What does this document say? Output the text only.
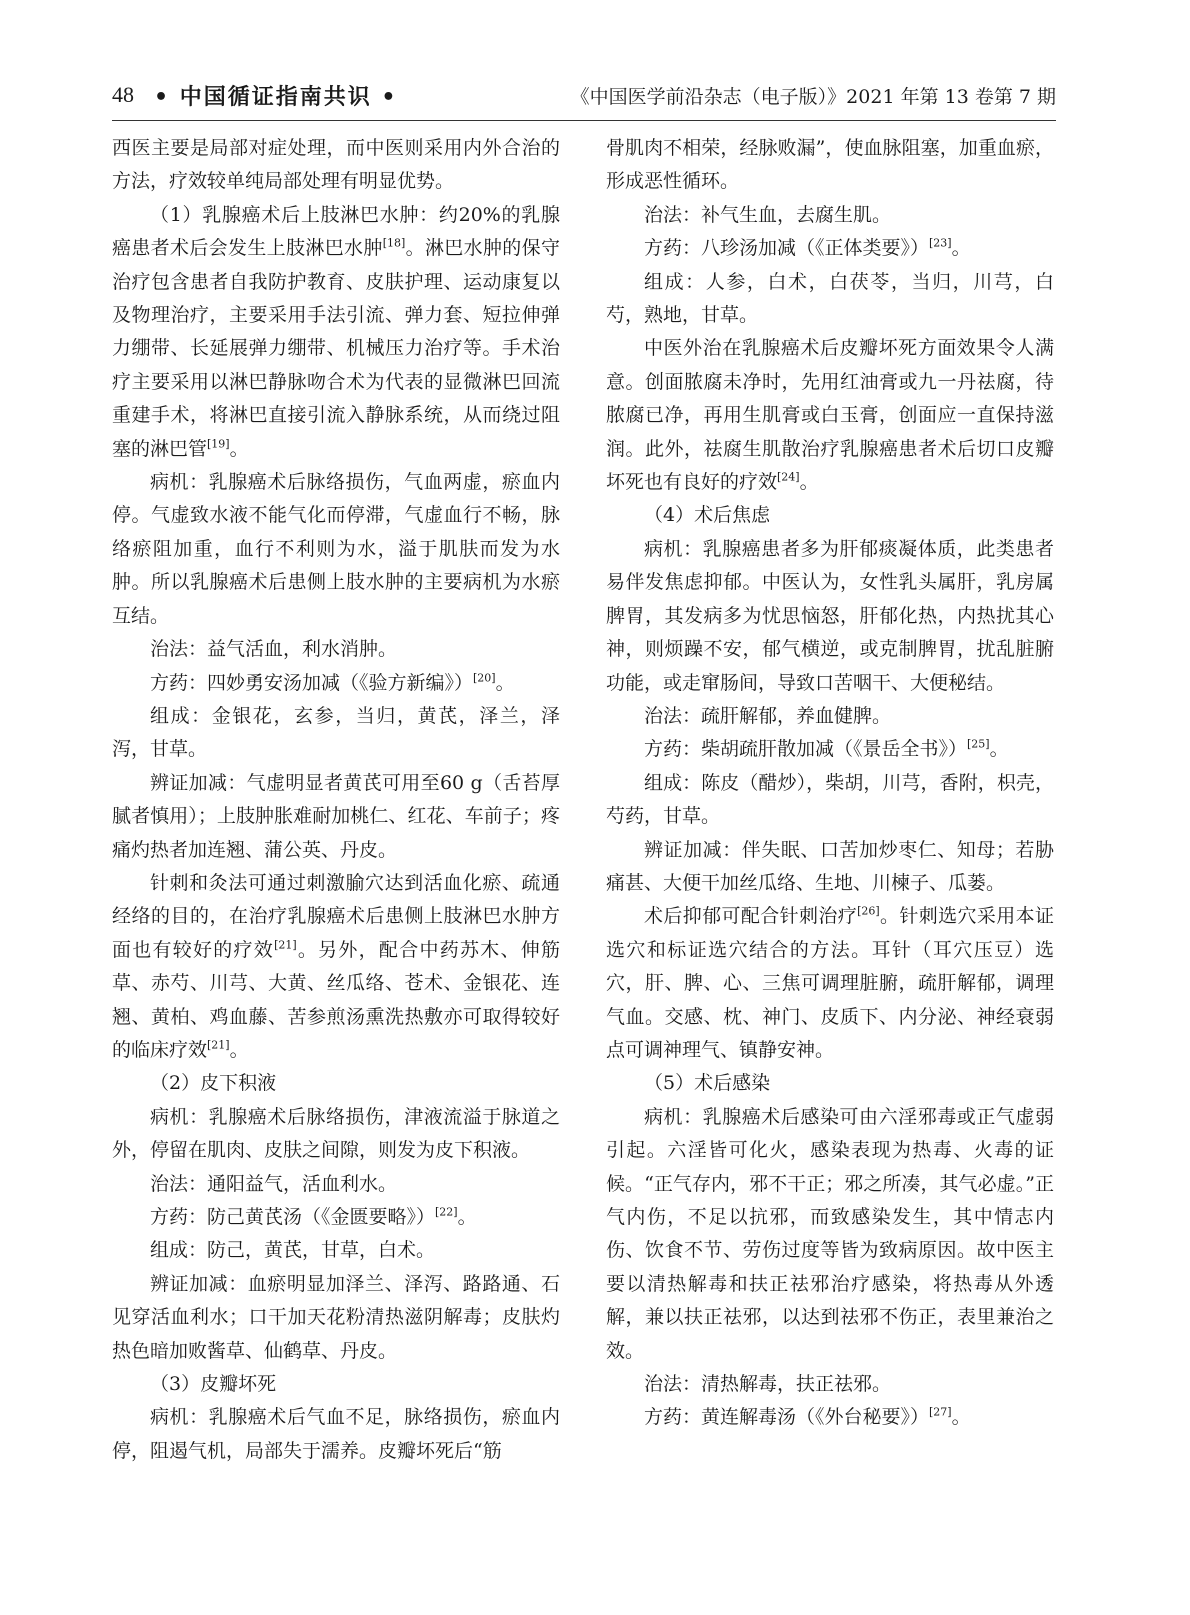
48 • 中国循证指南共识 •	《中国医学前沿杂志（电子版）》2021 年第 13 卷第 7 期

西医主要是局部对症处理，而中医则采用内外合治的方法，疗效较单纯局部处理有明显优势。

（1）乳腺癌术后上肢淋巴水肿：约20%的乳腺癌患者术后会发生上肢淋巴水肿[18]。淋巴水肿的保守治疗包含患者自我防护教育、皮肤护理、运动康复以及物理治疗，主要采用手法引流、弹力套、短拉伸弹力绷带、长延展弹力绷带、机械压力治疗等。手术治疗主要采用以淋巴静脉吻合术为代表的显微淋巴回流重建手术，将淋巴直接引流入静脉系统，从而绕过阻塞的淋巴管[19]。

病机：乳腺癌术后脉络损伤，气血两虚，瘀血内停。气虚致水液不能气化而停滞，气虚血行不畅，脉络瘀阻加重，血行不利则为水，溢于肌肤而发为水肿。所以乳腺癌术后患侧上肢水肿的主要病机为水瘀互结。

治法：益气活血，利水消肿。

方药：四妙勇安汤加减（《验方新编》）[20]。

组成：金银花，玄参，当归，黄芪，泽兰，泽泻，甘草。

辨证加减：气虚明显者黄芪可用至60 g（舌苔厚腻者慎用）；上肢肿胀难耐加桃仁、红花、车前子；疼痛灼热者加连翘、蒲公英、丹皮。

针刺和灸法可通过刺激腧穴达到活血化瘀、疏通经络的目的，在治疗乳腺癌术后患侧上肢淋巴水肿方面也有较好的疗效[21]。另外，配合中药苏木、伸筋草、赤芍、川芎、大黄、丝瓜络、苍术、金银花、连翘、黄柏、鸡血藤、苦参煎汤熏洗热敷亦可取得较好的临床疗效[21]。

（2）皮下积液

病机：乳腺癌术后脉络损伤，津液流溢于脉道之外，停留在肌肉、皮肤之间隙，则发为皮下积液。

治法：通阳益气，活血利水。

方药：防己黄芪汤（《金匮要略》）[22]。

组成：防己，黄芪，甘草，白术。

辨证加减：血瘀明显加泽兰、泽泻、路路通、石见穿活血利水；口干加天花粉清热滋阴解毒；皮肤灼热色暗加败酱草、仙鹤草、丹皮。

（3）皮瓣坏死

病机：乳腺癌术后气血不足，脉络损伤，瘀血内停，阻遏气机，局部失于濡养。皮瓣坏死后“筋

骨肌肉不相荣，经脉败漏”，使血脉阻塞，加重血瘀，形成恶性循环。

治法：补气生血，去腐生肌。

方药：八珍汤加减（《正体类要》）[23]。

组成：人参，白术，白茯苓，当归，川芎，白芍，熟地，甘草。

中医外治在乳腺癌术后皮瓣坏死方面效果令人满意。创面脓腐未净时，先用红油膏或九一丹祛腐，待脓腐已净，再用生肌膏或白玉膏，创面应一直保持滋润。此外，祛腐生肌散治疗乳腺癌患者术后切口皮瓣坏死也有良好的疗效[24]。

（4）术后焦虑

病机：乳腺癌患者多为肝郁痰凝体质，此类患者易伴发焦虑抑郁。中医认为，女性乳头属肝，乳房属脾胃，其发病多为忧思恼怒，肝郁化热，内热扰其心神，则烦躁不安，郁气横逆，或克制脾胃，扰乱脏腑功能，或走窜肠间，导致口苦咽干、大便秘结。

治法：疏肝解郁，养血健脾。

方药：柴胡疏肝散加减（《景岳全书》）[25]。

组成：陈皮（醋炒），柴胡，川芎，香附，枳壳，芍药，甘草。

辨证加减：伴失眠、口苦加炒枣仁、知母；若胁痛甚、大便干加丝瓜络、生地、川楝子、瓜蒌。

术后抑郁可配合针刺治疗[26]。针刺选穴采用本证选穴和标证选穴结合的方法。耳针（耳穴压豆）选穴，肝、脾、心、三焦可调理脏腑，疏肝解郁，调理气血。交感、枕、神门、皮质下、内分泌、神经衰弱点可调神理气、镇静安神。

（5）术后感染

病机：乳腺癌术后感染可由六淫邪毒或正气虚弱引起。六淫皆可化火，感染表现为热毒、火毒的证候。“正气存内，邪不干正；邪之所凑，其气必虚。”正气内伤，不足以抗邪，而致感染发生，其中情志内伤、饮食不节、劳伤过度等皆为致病原因。故中医主要以清热解毒和扶正祛邪治疗感染，将热毒从外透解，兼以扶正祛邪，以达到祛邪不伤正，表里兼治之效。

治法：清热解毒，扶正祛邪。

方药：黄连解毒汤（《外台秘要》）[27]。
